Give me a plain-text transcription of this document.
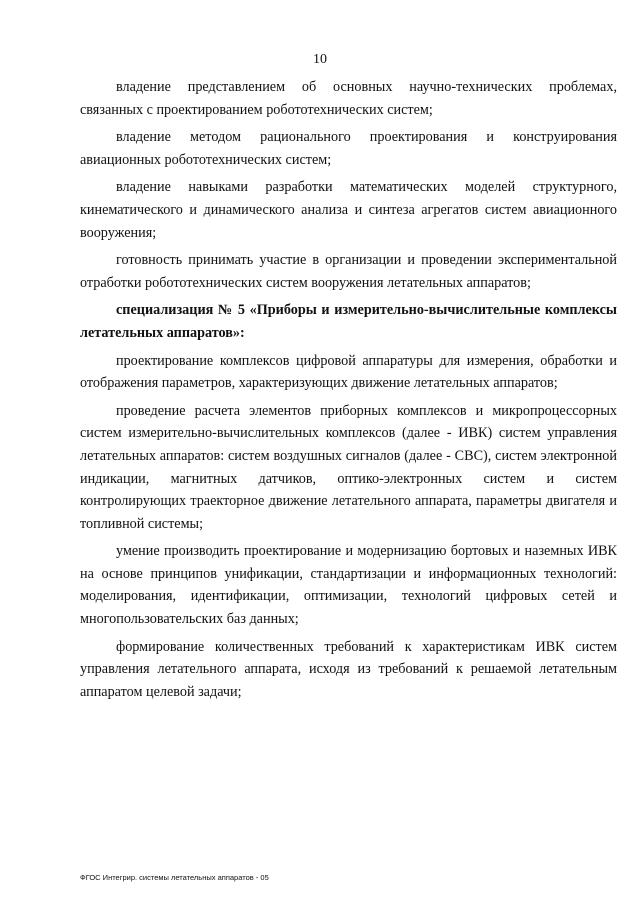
10

владение представлением об основных научно-технических проблемах, связанных с проектированием робототехнических систем;

владение методом рационального проектирования и конструирования авиационных робототехнических систем;

владение навыками разработки математических моделей структурного, кинематического и динамического анализа и синтеза агрегатов систем авиационного вооружения;

готовность принимать участие в организации и проведении экспериментальной отработки робототехнических систем вооружения летательных аппаратов;

специализация № 5 «Приборы и измерительно-вычислительные комплексы летательных аппаратов»:

проектирование комплексов цифровой аппаратуры для измерения, обработки и отображения параметров, характеризующих движение летательных аппаратов;

проведение расчета элементов приборных комплексов и микропроцессорных систем измерительно-вычислительных комплексов (далее - ИВК) систем управления летательных аппаратов: систем воздушных сигналов (далее - СВС), систем электронной индикации, магнитных датчиков, оптико-электронных систем и систем контролирующих траекторное движение летательного аппарата, параметры двигателя и топливной системы;

умение производить проектирование и модернизацию бортовых и наземных ИВК на основе принципов унификации, стандартизации и информационных технологий: моделирования, идентификации, оптимизации, технологий цифровых сетей и многопользовательских баз данных;

формирование количественных требований к характеристикам ИВК систем управления летательного аппарата, исходя из требований к решаемой летательным аппаратом целевой задачи;

ФГОС Интегрир. системы летательных аппаратов - 05
